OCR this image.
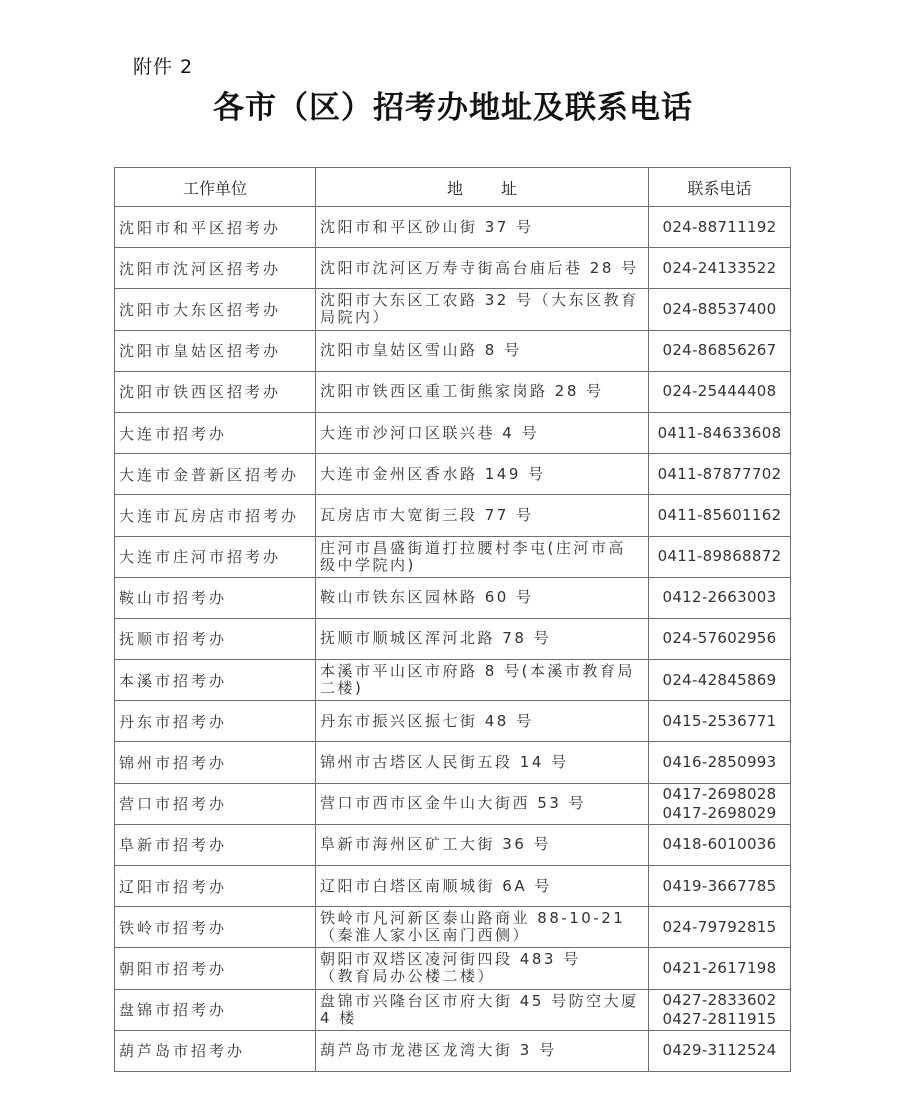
附件 2
各市（区）招考办地址及联系电话
工作单位	地 址	联系电话
沈阳市和平区招考办	沈阳市和平区砂山街 37 号	024-88711192

沈阳市沈河区招考办	沈阳市沈河区万寿寺街高台庙后巷 28 号	024-24133522

沈阳市大东区招考办	沈阳市大东区工农路 32 号（大东区教育
局院内）	024-88537400

沈阳市皇姑区招考办	沈阳市皇姑区雪山路 8 号	024-86856267

沈阳市铁西区招考办	沈阳市铁西区重工街熊家岗路 28 号	024-25444408

大连市招考办	大连市沙河口区联兴巷 4 号	0411-84633608

大连市金普新区招考办	大连市金州区香水路 149 号	0411-87877702

大连市瓦房店市招考办	瓦房店市大宽街三段 77 号	0411-85601162

大连市庄河市招考办	庄河市昌盛街道打拉腰村李屯(庄河市高
级中学院内)	0411-89868872

鞍山市招考办	鞍山市铁东区园林路 60 号	0412-2663003

抚顺市招考办	抚顺市顺城区浑河北路 78 号	024-57602956

本溪市招考办	本溪市平山区市府路 8 号(本溪市教育局
二楼)	024-42845869

丹东市招考办	丹东市振兴区振七街 48 号	0415-2536771

锦州市招考办	锦州市古塔区人民街五段 14 号	0416-2850993

营口市招考办	营口市西市区金牛山大街西 53 号	0417-2698028
0417-2698029

阜新市招考办	阜新市海州区矿工大街 36 号	0418-6010036

辽阳市招考办	辽阳市白塔区南顺城街 6A 号	0419-3667785

铁岭市招考办	铁岭市凡河新区泰山路商业 88-10-21
（秦淮人家小区南门西侧）	024-79792815

朝阳市招考办	朝阳市双塔区凌河街四段 483 号
（教育局办公楼二楼）	0421-2617198

盘锦市招考办	盘锦市兴隆台区市府大街 45 号防空大厦
4 楼	0427-2833602
0427-2811915

葫芦岛市招考办	葫芦岛市龙港区龙湾大街 3 号	0429-3112524
